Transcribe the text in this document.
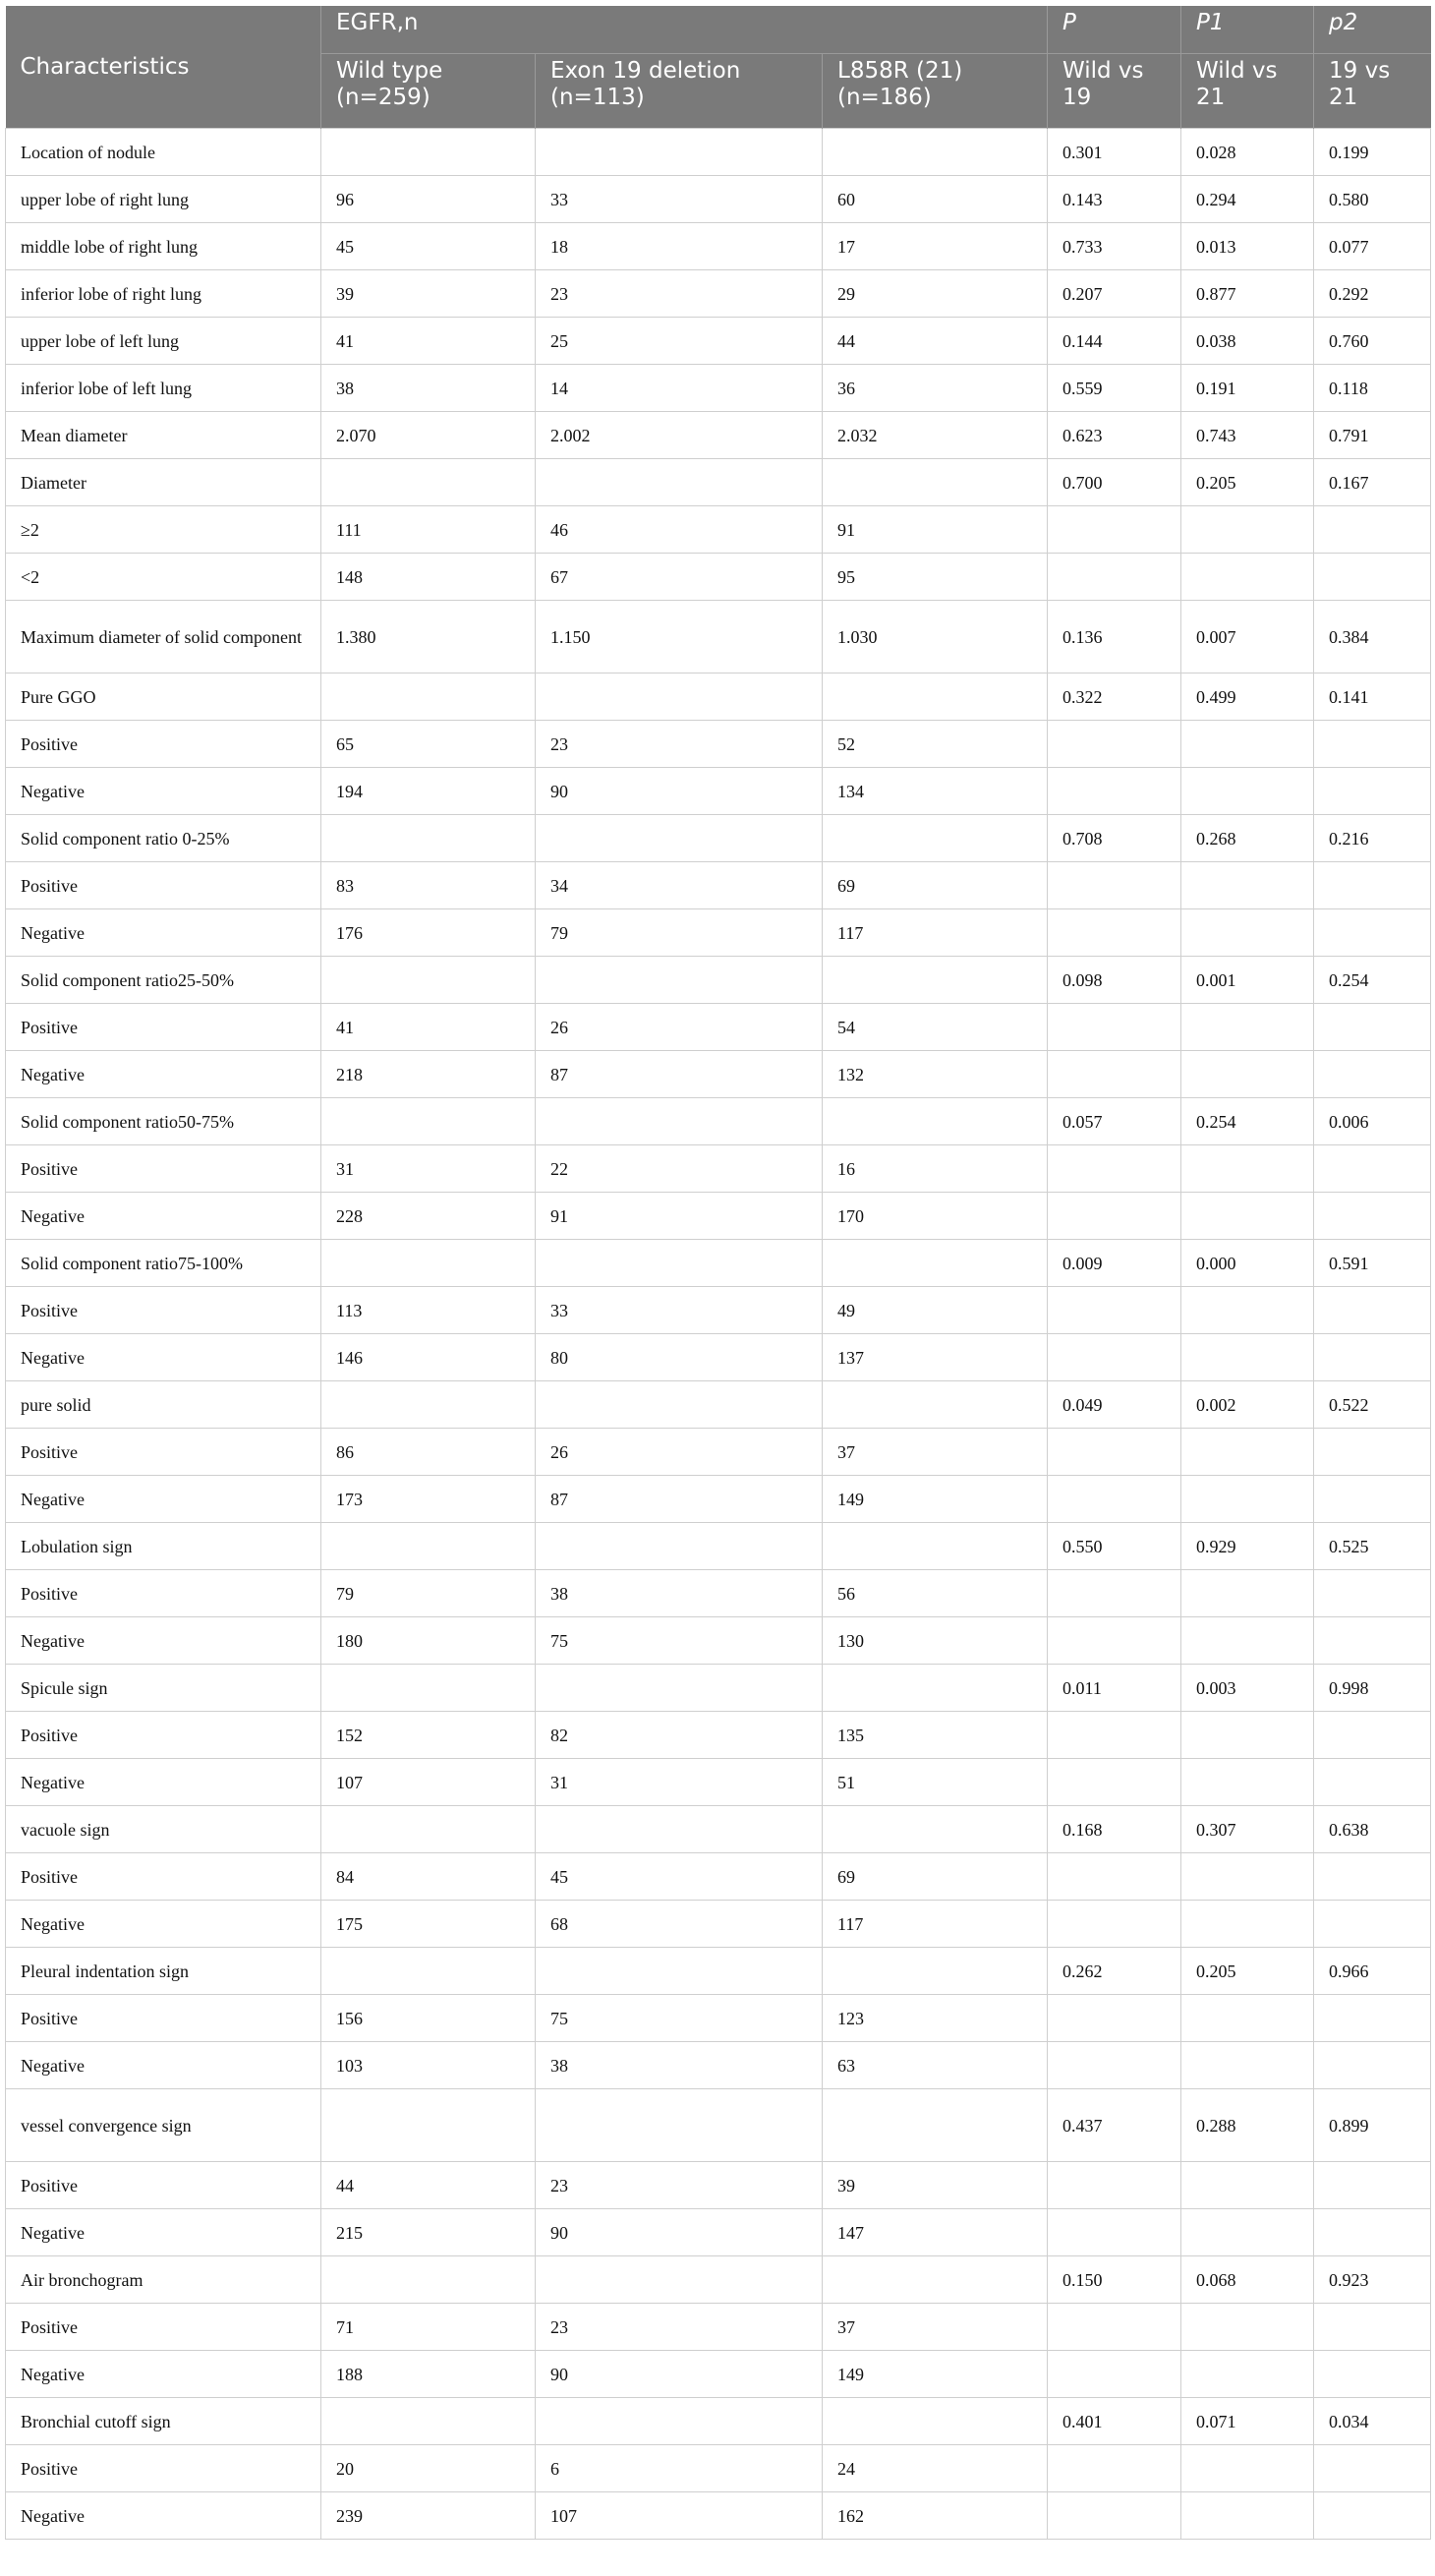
Characteristics	EGFR,n			P	P1	p2

	Wild type (n=259)	Exon 19 deletion (n=113)	L858R (21) (n=186)	Wild vs 19	Wild vs 21	19 vs 21
Location of nodule				0.301	0.028	0.199
upper lobe of right lung	96	33	60	0.143	0.294	0.580
middle lobe of right lung	45	18	17	0.733	0.013	0.077
inferior lobe of right lung	39	23	29	0.207	0.877	0.292
upper lobe of left lung	41	25	44	0.144	0.038	0.760
inferior lobe of left lung	38	14	36	0.559	0.191	0.118
Mean diameter	2.070	2.002	2.032	0.623	0.743	0.791
Diameter				0.700	0.205	0.167
≥2	111	46	91			
<2	148	67	95			
Maximum diameter of solid component	1.380	1.150	1.030	0.136	0.007	0.384
Pure GGO				0.322	0.499	0.141
Positive	65	23	52			
Negative	194	90	134			
Solid component ratio 0-25%				0.708	0.268	0.216
Positive	83	34	69			
Negative	176	79	117			
Solid component ratio25-50%				0.098	0.001	0.254
Positive	41	26	54			
Negative	218	87	132			
Solid component ratio50-75%				0.057	0.254	0.006
Positive	31	22	16			
Negative	228	91	170			
Solid component ratio75-100%				0.009	0.000	0.591
Positive	113	33	49			
Negative	146	80	137			
pure solid				0.049	0.002	0.522
Positive	86	26	37			
Negative	173	87	149			
Lobulation sign				0.550	0.929	0.525
Positive	79	38	56			
Negative	180	75	130			
Spicule sign				0.011	0.003	0.998
Positive	152	82	135			
Negative	107	31	51			
vacuole sign				0.168	0.307	0.638
Positive	84	45	69			
Negative	175	68	117			
Pleural indentation sign				0.262	0.205	0.966
Positive	156	75	123			
Negative	103	38	63			
vessel convergence sign				0.437	0.288	0.899
Positive	44	23	39			
Negative	215	90	147			
Air bronchogram				0.150	0.068	0.923
Positive	71	23	37			
Negative	188	90	149			
Bronchial cutoff sign				0.401	0.071	0.034
Positive	20	6	24			
Negative	239	107	162			
